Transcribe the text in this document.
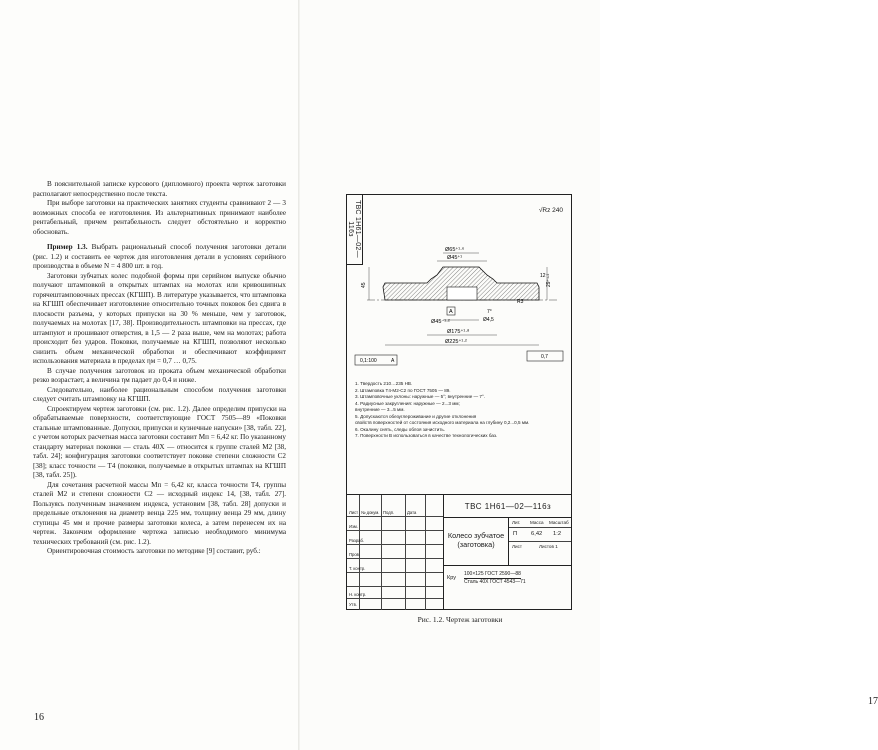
В пояснительной записке курсового (дипломного) проекта чертеж заготовки располагают непосредственно после текста.

При выборе заготовки на практических занятиях студенты сравнивают 2 — 3 возможных способа ее изготовления. Из альтернативных принимают наиболее рентабельный, причем рентабельность следует обстоятельно и корректно обосновать.

Пример 1.3. Выбрать рациональный способ получения заготовки детали (рис. 1.2) и составить ее чертеж для изготовления детали в условиях серийного производства в объеме N = 4 800 шт. в год.

Заготовки зубчатых колес подобной формы при серийном выпуске обычно получают штамповкой в открытых штампах на молотах или кривошипных горячештамповочных прессах (КГШП). В литературе указывается, что штамповка на КГШП обеспечивает изготовление относительно точных поковок без сдвига в плоскости разъема, у которых припуски на 30 % меньше, чем у заготовок, получаемых на молотах [17, 38]. Производительность штамповки на прессах, где штампуют и прошивают отверстия, в 1,5 — 2 раза выше, чем на молотах; работа происходит без ударов. Поковки, получаемые на КГШП, позволяют несколько снизить объем механической обработки и обеспечивают коэффициент использования материала в пределах ηм = 0,7 … 0,75.

В случае получения заготовок из проката объем механической обработки резко возрастает, а величина ηм падает до 0,4 и ниже.

Следовательно, наиболее рациональным способом получения заготовки следует считать штамповку на КГШП.

Спроектируем чертеж заготовки (см. рис. 1.2). Далее определим припуски на обрабатываемые поверхности, соответствующие ГОСТ 7505—89 «Поковки стальные штампованные. Допуски, припуски и кузнечные напуски» [38, табл. 22], с учетом которых расчетная масса заготовки составит Мп = 6,42 кг. По указанному стандарту материал поковки — сталь 40Х — относится к группе сталей М2 [38, табл. 24]; конфигурация заготовки соответствует поковке степени сложности С2 [38]; класс точности — Т4 (поковки, получаемые в открытых штампах на КГШП [38, табл. 25]).

Для сочетания расчетной массы Мп = 6,42 кг, класса точности Т4, группы сталей М2 и степени сложности С2 — исходный индекс 14, [38, табл. 27]. Пользуясь полученным значением индекса, установим [38, табл. 28] допуски и предельные отклонения на диаметр венца 225 мм, толщину венца 29 мм, длину ступицы 45 мм и прочие размеры заготовки колеса, а затем перенесем их на чертеж. Закончим оформление чертежа записью необходимого минимума технических требований (см. рис. 1.2).

Ориентировочная стоимость заготовки по методике [9] составит, руб.:

16
17
√Rz 240
Ø65⁺¹·⁶
Ø45⁺¹
Ø225⁺¹·²
Ø175⁺¹·⁸
Ø45⁻¹·²	Ø4,5
29⁺¹·²
12
45
R3
7°
А
0,1:100	А
0,7
1. Твердость 210…235 НВ.
2. Штамповка Т4-М2-С2 по ГОСТ 7505 — 89.
3. Штамповочные уклоны: наружные — 5°; внутренние — 7°.
4. Радиусные закругления: наружные — 2...3 мм;
внутренние — 3...5 мм.
5. Допускаются обезуглероживание и другие отклонения
свойств поверхностей от состояния исходного материала на глубину 0,2...0,5 мм.
6. Окалину снять, следы облоя зачистить.
7. Поверхности В использоваться в качестве технологических баз.
Лист № докум. Подп.	Дата
Изм.
Разраб.
Пров.
Т. контр.
Н. контр.
Утв.
ТВС 1Н61—02—116з
Колесо зубчатое
(заготовка)
Лит. Масса Масштаб
П 6,42 1:2
Лист	Листов 1
Кру
100×125 ГОСТ 2590—88
Сталь 40Х ГОСТ 4543—71
ТВС 1Н61—02—116з
Рис. 1.2. Чертеж заготовки
